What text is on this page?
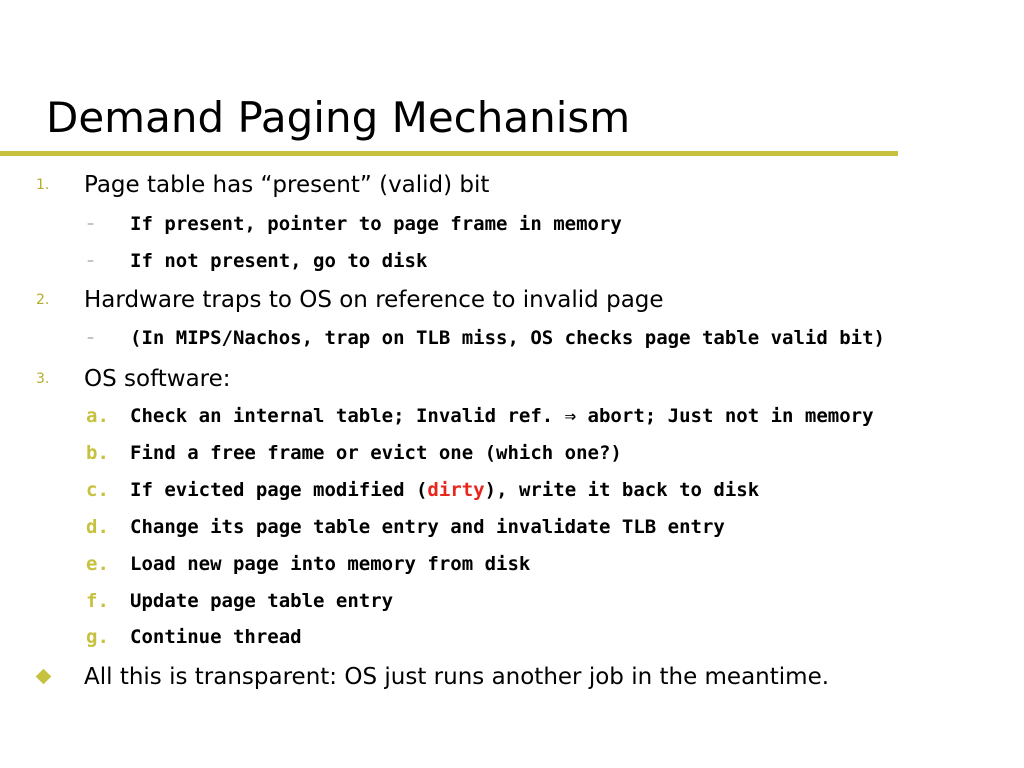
Demand Paging Mechanism
1. Page table has “present” (valid) bit
– If present, pointer to page frame in memory
– If not present, go to disk
2. Hardware traps to OS on reference to invalid page
– (In MIPS/Nachos, trap on TLB miss, OS checks page table valid bit)
3. OS software:
a. Check an internal table; Invalid ref. ⇒ abort; Just not in memory
b. Find a free frame or evict one (which one?)
c. If evicted page modified (dirty), write it back to disk
d. Change its page table entry and invalidate TLB entry
e. Load new page into memory from disk
f. Update page table entry
g. Continue thread
All this is transparent: OS just runs another job in the meantime.
